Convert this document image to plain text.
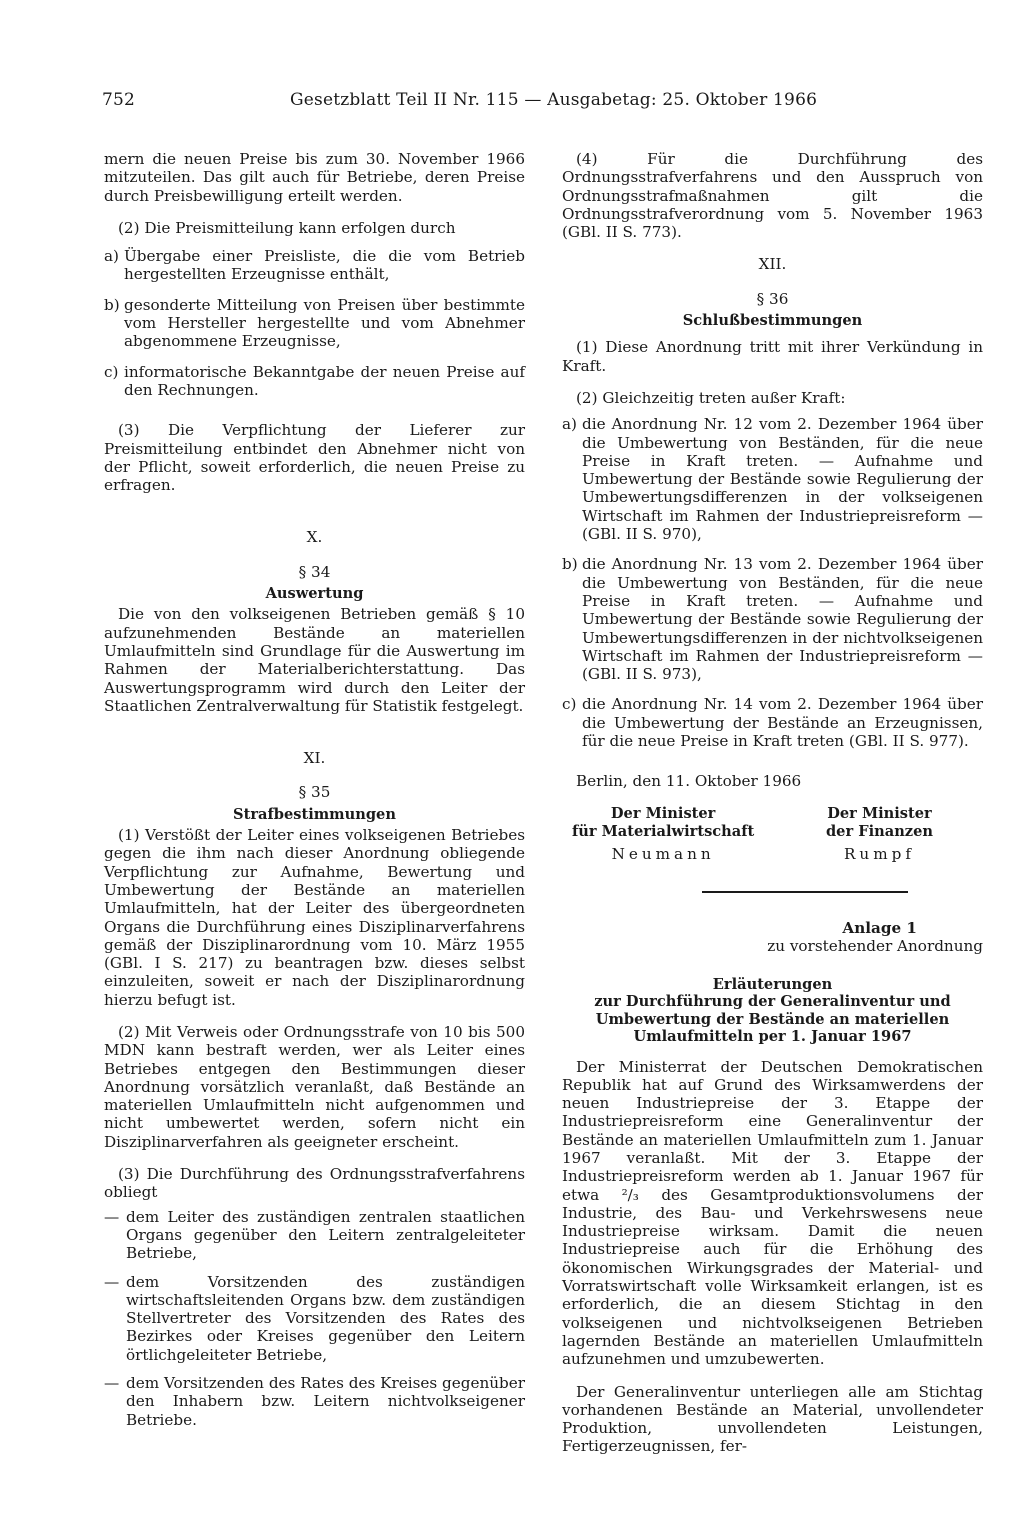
752	Gesetzblatt Teil II Nr. 115 — Ausgabetag: 25. Oktober 1966

mern die neuen Preise bis zum 30. November 1966 mitzuteilen. Das gilt auch für Betriebe, deren Preise durch Preisbewilligung erteilt werden.

(2) Die Preismitteilung kann erfolgen durch

a) Übergabe einer Preisliste, die die vom Betrieb hergestellten Erzeugnisse enthält,
b) gesonderte Mitteilung von Preisen über bestimmte vom Hersteller hergestellte und vom Abnehmer abgenommene Erzeugnisse,
c) informatorische Bekanntgabe der neuen Preise auf den Rechnungen.

(3) Die Verpflichtung der Lieferer zur Preismitteilung entbindet den Abnehmer nicht von der Pflicht, soweit erforderlich, die neuen Preise zu erfragen.

X.
§ 34
Auswertung

Die von den volkseigenen Betrieben gemäß § 10 aufzunehmenden Bestände an materiellen Umlaufmitteln sind Grundlage für die Auswertung im Rahmen der Materialberichterstattung. Das Auswertungsprogramm wird durch den Leiter der Staatlichen Zentralverwaltung für Statistik festgelegt.

XI.
§ 35
Strafbestimmungen

(1) Verstößt der Leiter eines volkseigenen Betriebes gegen die ihm nach dieser Anordnung obliegende Verpflichtung zur Aufnahme, Bewertung und Umbewertung der Bestände an materiellen Umlaufmitteln, hat der Leiter des übergeordneten Organs die Durchführung eines Disziplinarverfahrens gemäß der Disziplinarordnung vom 10. März 1955 (GBl. I S. 217) zu beantragen bzw. dieses selbst einzuleiten, soweit er nach der Disziplinarordnung hierzu befugt ist.

(2) Mit Verweis oder Ordnungsstrafe von 10 bis 500 MDN kann bestraft werden, wer als Leiter eines Betriebes entgegen den Bestimmungen dieser Anordnung vorsätzlich veranlaßt, daß Bestände an materiellen Umlaufmitteln nicht aufgenommen und nicht umbewertet werden, sofern nicht ein Disziplinarverfahren als geeigneter erscheint.

(3) Die Durchführung des Ordnungsstrafverfahrens obliegt

— dem Leiter des zuständigen zentralen staatlichen Organs gegenüber den Leitern zentralgeleiteter Betriebe,
— dem Vorsitzenden des zuständigen wirtschaftsleitenden Organs bzw. dem zuständigen Stellvertreter des Vorsitzenden des Rates des Bezirkes oder Kreises gegenüber den Leitern örtlichgeleiteter Betriebe,
— dem Vorsitzenden des Rates des Kreises gegenüber den Inhabern bzw. Leitern nichtvolkseigener Betriebe.

(4) Für die Durchführung des Ordnungsstrafverfahrens und den Ausspruch von Ordnungsstrafmaßnahmen gilt die Ordnungsstrafverordnung vom 5. November 1963 (GBl. II S. 773).

XII.
§ 36
Schlußbestimmungen

(1) Diese Anordnung tritt mit ihrer Verkündung in Kraft.

(2) Gleichzeitig treten außer Kraft:

a) die Anordnung Nr. 12 vom 2. Dezember 1964 über die Umbewertung von Beständen, für die neue Preise in Kraft treten. — Aufnahme und Umbewertung der Bestände sowie Regulierung der Umbewertungsdifferenzen in der volkseigenen Wirtschaft im Rahmen der Industriepreisreform — (GBl. II S. 970),
b) die Anordnung Nr. 13 vom 2. Dezember 1964 über die Umbewertung von Beständen, für die neue Preise in Kraft treten. — Aufnahme und Umbewertung der Bestände sowie Regulierung der Umbewertungsdifferenzen in der nichtvolkseigenen Wirtschaft im Rahmen der Industriepreisreform — (GBl. II S. 973),
c) die Anordnung Nr. 14 vom 2. Dezember 1964 über die Umbewertung der Bestände an Erzeugnissen, für die neue Preise in Kraft treten (GBl. II S. 977).

Berlin, den 11. Oktober 1966

Der Minister
für Materialwirtschaft
Neumann
Der Minister
der Finanzen
Rumpf
Anlage 1
zu vorstehender Anordnung
Erläuterungen
zur Durchführung der Generalinventur und
Umbewertung der Bestände an materiellen
Umlaufmitteln per 1. Januar 1967

Der Ministerrat der Deutschen Demokratischen Republik hat auf Grund des Wirksamwerdens der neuen Industriepreise der 3. Etappe der Industriepreisreform eine Generalinventur der Bestände an materiellen Umlaufmitteln zum 1. Januar 1967 veranlaßt. Mit der 3. Etappe der Industriepreisreform werden ab 1. Januar 1967 für etwa ²/₃ des Gesamtproduktionsvolumens der Industrie, des Bau- und Verkehrswesens neue Industriepreise wirksam. Damit die neuen Industriepreise auch für die Erhöhung des ökonomischen Wirkungsgrades der Material- und Vorratswirtschaft volle Wirksamkeit erlangen, ist es erforderlich, die an diesem Stichtag in den volkseigenen und nichtvolkseigenen Betrieben lagernden Bestände an materiellen Umlaufmitteln aufzunehmen und umzubewerten.

Der Generalinventur unterliegen alle am Stichtag vorhandenen Bestände an Material, unvollendeter Produktion, unvollendeten Leistungen, Fertigerzeugnissen, fer-
